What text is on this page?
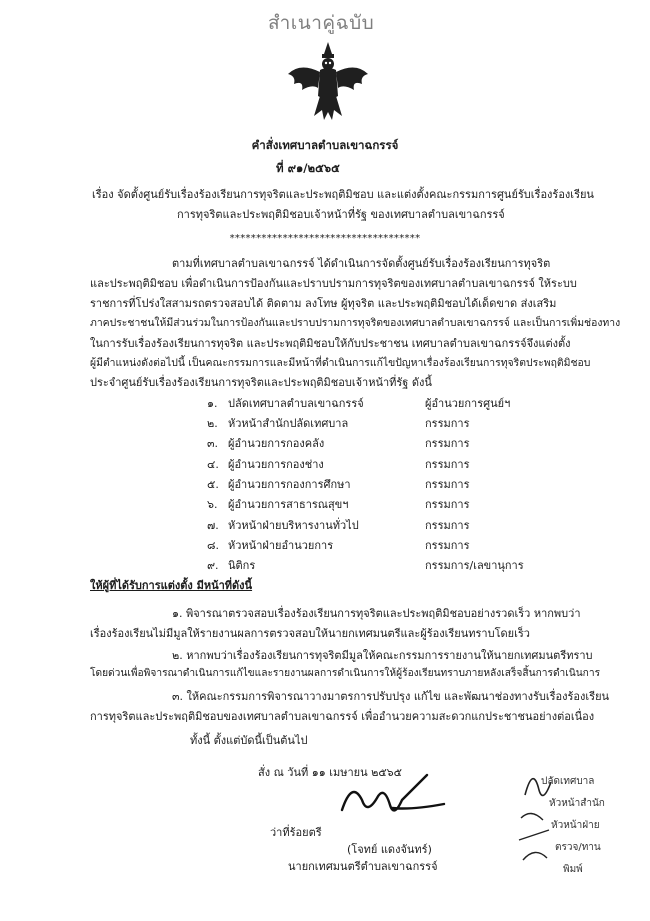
สำเนาคู่ฉบับ
คำสั่งเทศบาลตำบลเขาฉกรรจ์
ที่ ๙๑/๒๕๖๕
เรื่อง จัดตั้งศูนย์รับเรื่องร้องเรียนการทุจริตและประพฤติมิชอบ และแต่งตั้งคณะกรรมการศูนย์รับเรื่องร้องเรียน
การทุจริตและประพฤติมิชอบเจ้าหน้าที่รัฐ ของเทศบาลตำบลเขาฉกรรจ์
************************************
ตามที่เทศบาลตำบลเขาฉกรรจ์ ได้ดำเนินการจัดตั้งศูนย์รับเรื่องร้องเรียนการทุจริต
และประพฤติมิชอบ เพื่อดำเนินการป้องกันและปราบปรามการทุจริตของเทศบาลตำบลเขาฉกรรจ์ ให้ระบบ
ราชการที่โปร่งใสสามรถตรวจสอบได้ ติดตาม ลงโทษ ผู้ทุจริต และประพฤติมิชอบได้เด็ดขาด ส่งเสริม
ภาคประชาชนให้มีส่วนร่วมในการป้องกันและปราบปรามการทุจริตของเทศบาลตำบลเขาฉกรรจ์ และเป็นการเพิ่มช่องทาง
ในการรับเรื่องร้องเรียนการทุจริต และประพฤติมิชอบให้กับประชาชน เทศบาลตำบลเขาฉกรรจ์จึงแต่งตั้ง
ผู้มีตำแหน่งดังต่อไปนี้ เป็นคณะกรรมการและมีหน้าที่ดำเนินการแก้ไขปัญหาเรื่องร้องเรียนการทุจริตประพฤติมิชอบ
ประจำศูนย์รับเรื่องร้องเรียนการทุจริตและประพฤติมิชอบเจ้าหน้าที่รัฐ ดังนี้
๑. ปลัดเทศบาลตำบลเขาฉกรรจ์	ผู้อำนวยการศูนย์ฯ
๒. หัวหน้าสำนักปลัดเทศบาล	กรรมการ
๓. ผู้อำนวยการกองคลัง	กรรมการ
๔. ผู้อำนวยการกองช่าง	กรรมการ
๕. ผู้อำนวยการกองการศึกษา	กรรมการ
๖. ผู้อำนวยการสาธารณสุขฯ	กรรมการ
๗. หัวหน้าฝ่ายบริหารงานทั่วไป	กรรมการ
๘. หัวหน้าฝ่ายอำนวยการ	กรรมการ
๙. นิติกร	กรรมการ/เลขานุการ
ให้ผู้ที่ได้รับการแต่งตั้ง มีหน้าที่ดังนี้
๑. พิจารณาตรวจสอบเรื่องร้องเรียนการทุจริตและประพฤติมิชอบอย่างรวดเร็ว หากพบว่า
เรื่องร้องเรียนไม่มีมูลให้รายงานผลการตรวจสอบให้นายกเทศมนตรีและผู้ร้องเรียนทราบโดยเร็ว
๒. หากพบว่าเรื่องร้องเรียนการทุจริตมีมูลให้คณะกรรมการรายงานให้นายกเทศมนตรีทราบ
โดยด่วนเพื่อพิจารณาดำเนินการแก้ไขและรายงานผลการดำเนินการให้ผู้ร้องเรียนทราบภายหลังเสร็จสิ้นการดำเนินการ
๓. ให้คณะกรรมการพิจารณาวางมาตรการปรับปรุง แก้ไข และพัฒนาช่องทางรับเรื่องร้องเรียน
การทุจริตและประพฤติมิชอบของเทศบาลตำบลเขาฉกรรจ์ เพื่ออำนวยความสะดวกแกประชาชนอย่างต่อเนื่อง
ทั้งนี้ ตั้งแต่บัดนี้เป็นต้นไป
สั่ง ณ วันที่ ๑๑ เมษายน ๒๕๖๕
ว่าที่ร้อยตรี
(โจทย์ แดงจันทร์)
นายกเทศมนตรีตำบลเขาฉกรรจ์
ปลัดเทศบาล
หัวหน้าสำนัก
หัวหน้าฝ่าย
ตรวจ/ทาน
พิมพ์
